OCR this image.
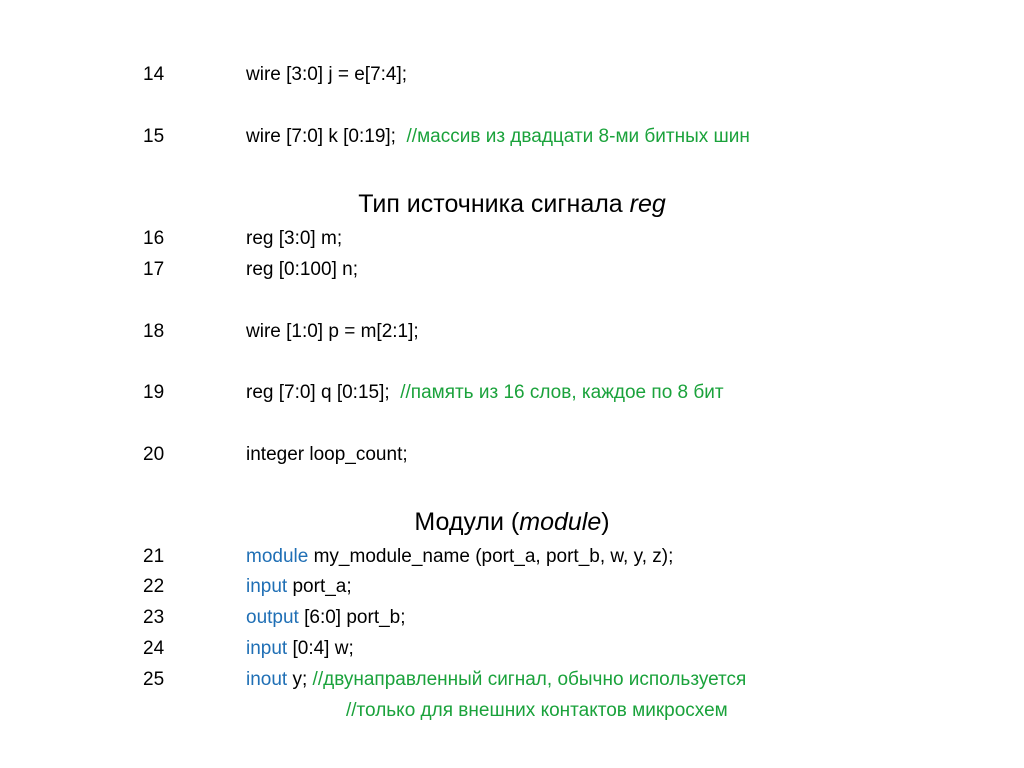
14	wire [3:0] j = e[7:4];
15	wire [7:0] k [0:19]; //массив из двадцати 8-ми битных шин
Тип источника сигнала reg
16	reg [3:0] m;
17	reg [0:100] n;
18	wire [1:0] p = m[2:1];
19	reg [7:0] q [0:15]; //память из 16 слов, каждое по 8 бит
20	integer loop_count;
Модули (module)
21	module my_module_name (port_a, port_b, w, y, z);
22	input port_a;
23	output [6:0] port_b;
24	input [0:4] w;
25	inout y; //двунаправленный сигнал, обычно используется
//только для внешних контактов микросхем
